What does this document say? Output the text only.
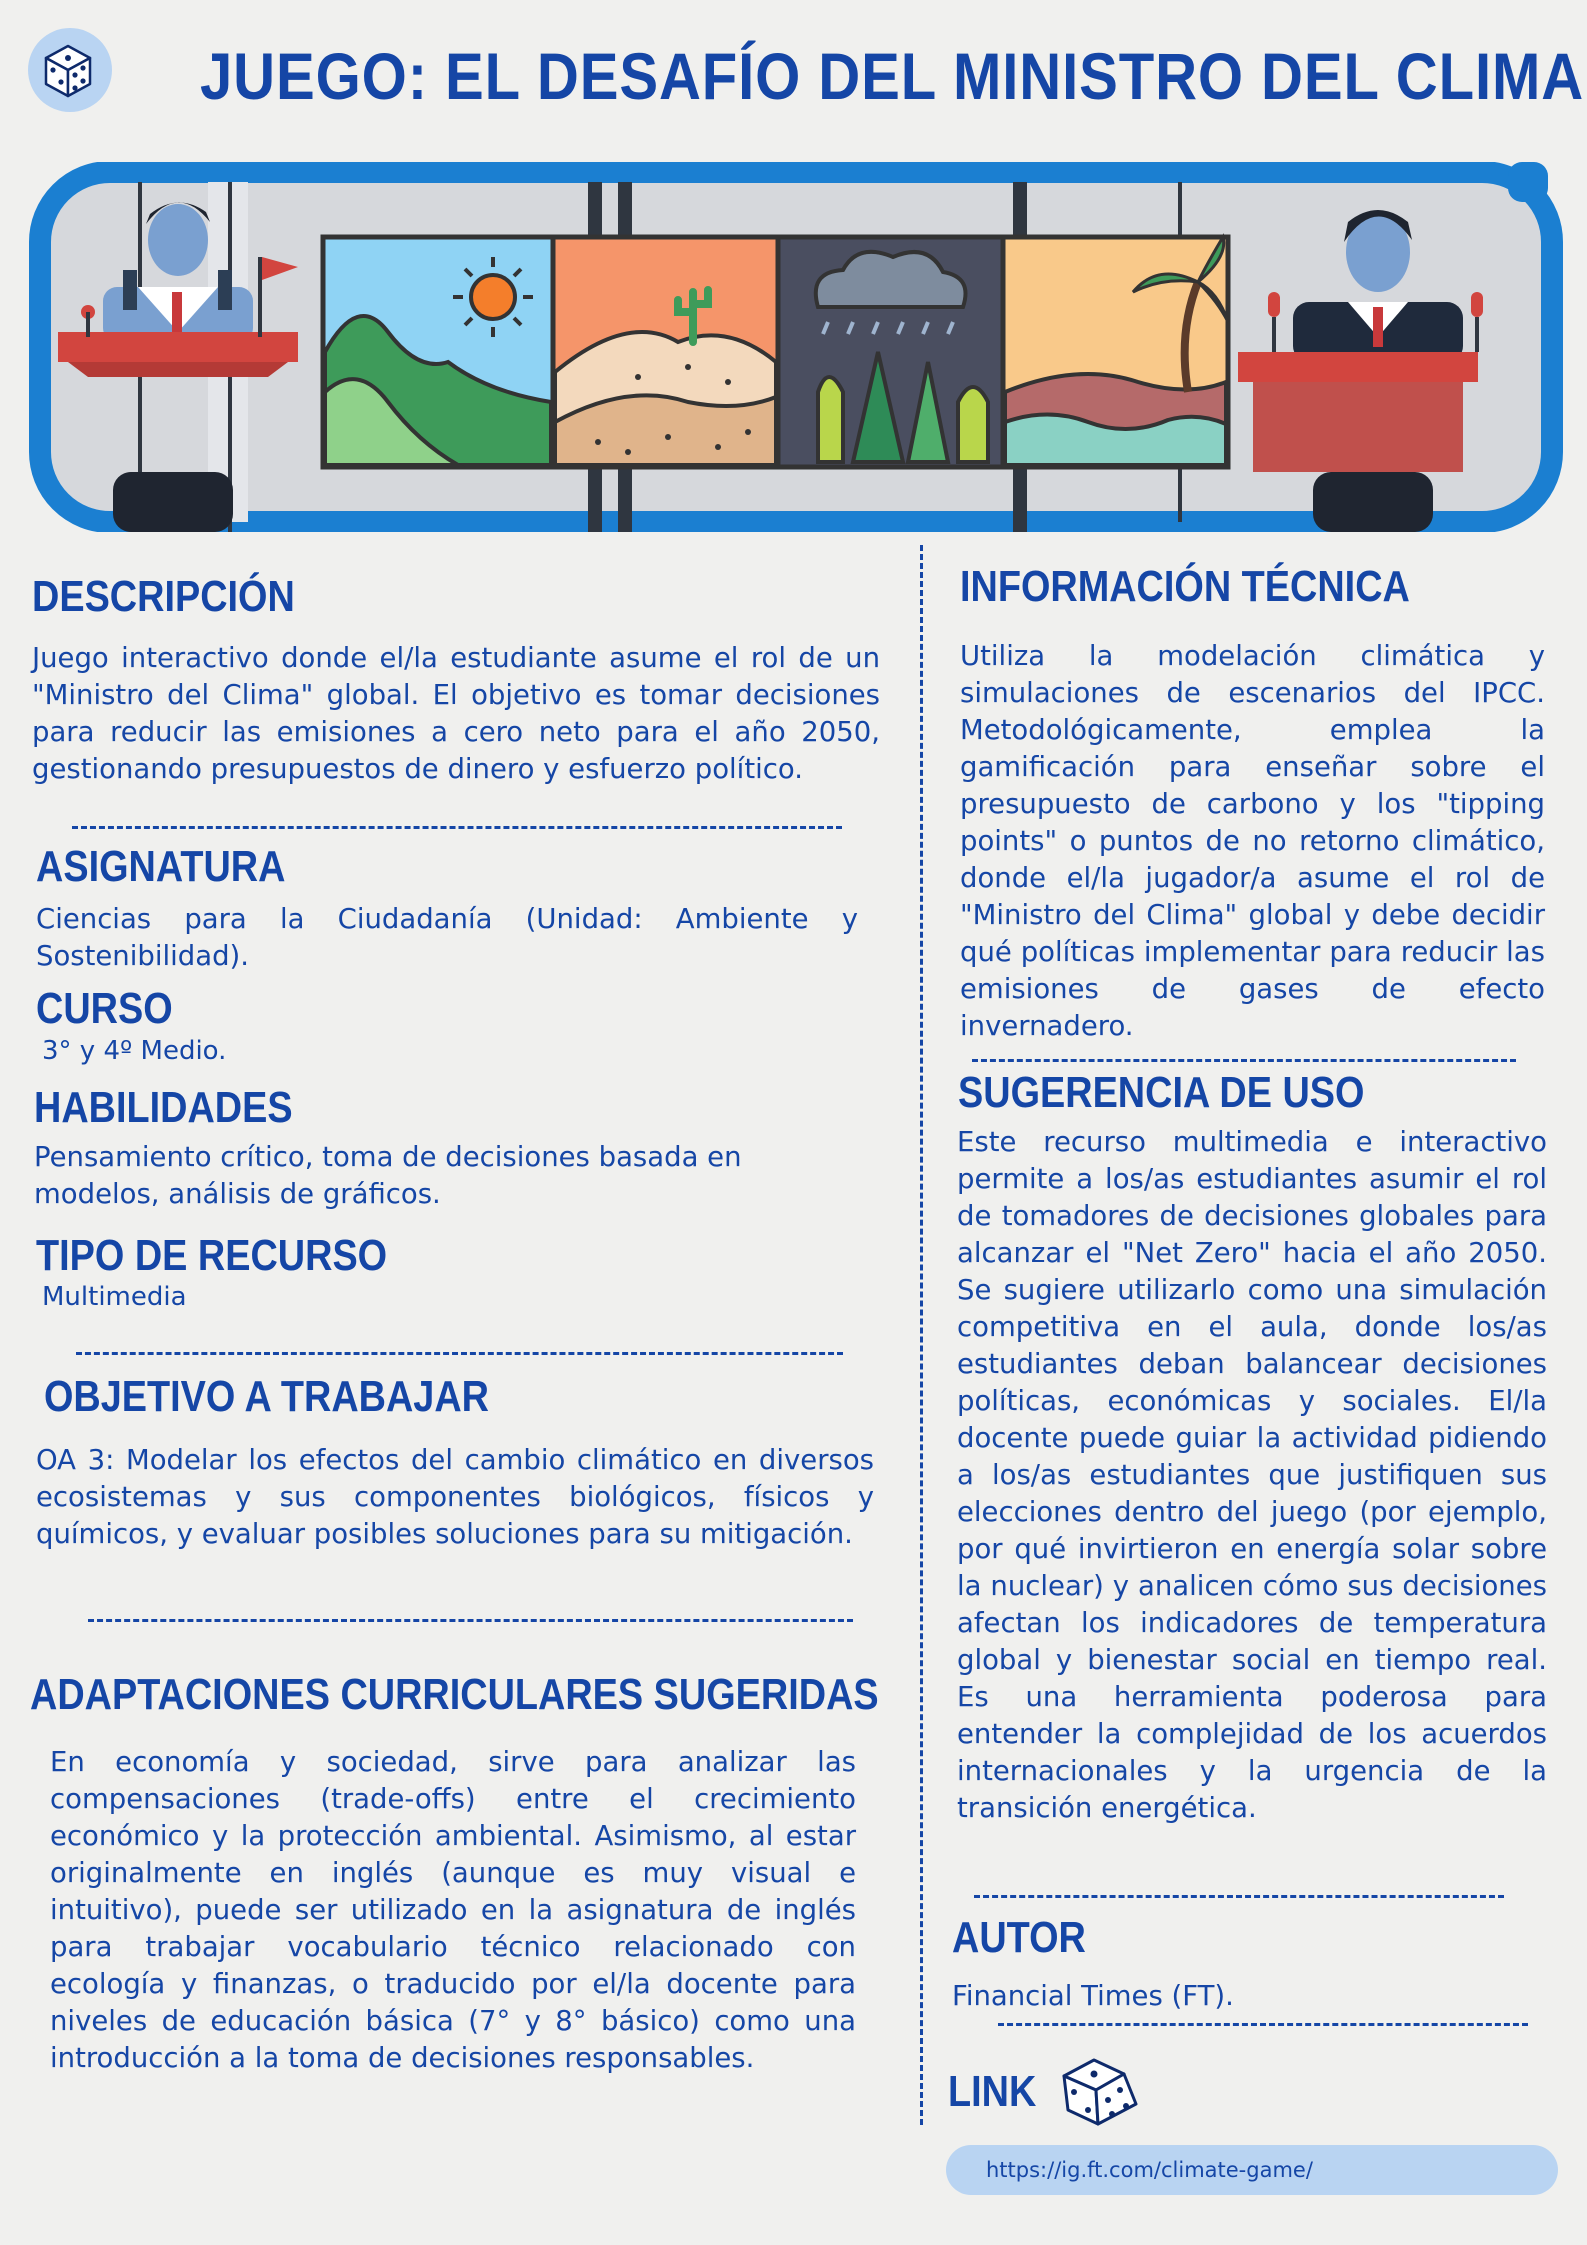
JUEGO: EL DESAFÍO DEL MINISTRO DEL CLIMA
DESCRIPCIÓN
Juego interactivo donde el/la estudiante asume el rol de un "Ministro del Clima" global. El objetivo es tomar decisiones para reducir las emisiones a cero neto para el año 2050, gestionando presupuestos de dinero y esfuerzo político.
ASIGNATURA
Ciencias para la Ciudadanía (Unidad: Ambiente y Sostenibilidad).
CURSO
3° y 4º Medio.
HABILIDADES
Pensamiento crítico, toma de decisiones basada en modelos, análisis de gráficos.
TIPO DE RECURSO
Multimedia
OBJETIVO A TRABAJAR
OA 3: Modelar los efectos del cambio climático en diversos ecosistemas y sus componentes biológicos, físicos y químicos, y evaluar posibles soluciones para su mitigación.
ADAPTACIONES CURRICULARES SUGERIDAS
En economía y sociedad, sirve para analizar las compensaciones (trade-offs) entre el crecimiento económico y la protección ambiental. Asimismo, al estar originalmente en inglés (aunque es muy visual e intuitivo), puede ser utilizado en la asignatura de inglés para trabajar vocabulario técnico relacionado con ecología y finanzas, o traducido por el/la docente para niveles de educación básica (7° y 8° básico) como una introducción a la toma de decisiones responsables.
INFORMACIÓN TÉCNICA
Utiliza la modelación climática y simulaciones de escenarios del IPCC. Metodológicamente, emplea la gamificación para enseñar sobre el presupuesto de carbono y los "tipping points" o puntos de no retorno climático, donde el/la jugador/a asume el rol de "Ministro del Clima" global y debe decidir qué políticas implementar para reducir las emisiones de gases de efecto invernadero.
SUGERENCIA DE USO
Este recurso multimedia e interactivo permite a los/as estudiantes asumir el rol de tomadores de decisiones globales para alcanzar el "Net Zero" hacia el año 2050. Se sugiere utilizarlo como una simulación competitiva en el aula, donde los/as estudiantes deban balancear decisiones políticas, económicas y sociales. El/la docente puede guiar la actividad pidiendo a los/as estudiantes que justifiquen sus elecciones dentro del juego (por ejemplo, por qué invirtieron en energía solar sobre la nuclear) y analicen cómo sus decisiones afectan los indicadores de temperatura global y bienestar social en tiempo real. Es una herramienta poderosa para entender la complejidad de los acuerdos internacionales y la urgencia de la transición energética.
AUTOR
Financial Times (FT).
LINK
https://ig.ft.com/climate-game/
